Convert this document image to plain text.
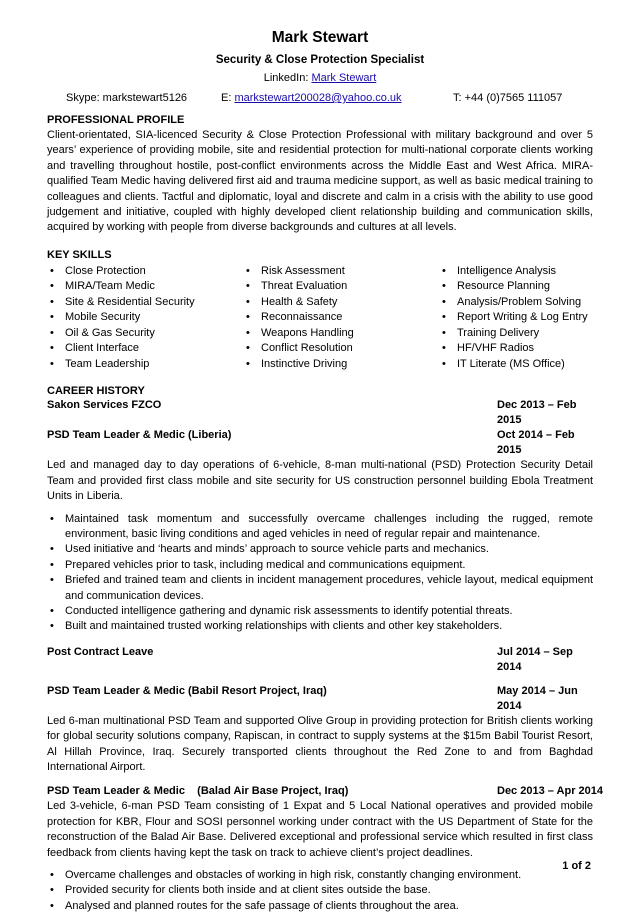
Mark Stewart
Security & Close Protection Specialist
LinkedIn: Mark Stewart
Skype: markstewart5126	E: markstewart200028@yahoo.co.uk	T: +44 (0)7565 111057
PROFESSIONAL PROFILE
Client-orientated, SIA-licenced Security & Close Protection Professional with military background and over 5 years’ experience of providing mobile, site and residential protection for multi-national corporate clients working and travelling throughout hostile, post-conflict environments across the Middle East and West Africa. MIRA-qualified Team Medic having delivered first aid and trauma medicine support, as well as basic medical training to colleagues and clients. Tactful and diplomatic, loyal and discrete and calm in a crisis with the ability to use good judgement and initiative, coupled with highly developed client relationship building and communication skills, acquired by working with people from diverse backgrounds and cultures at all levels.
KEY SKILLS
• Close Protection
• MIRA/Team Medic
• Site & Residential Security
• Mobile Security
• Oil & Gas Security
• Client Interface
• Team Leadership
• Risk Assessment
• Threat Evaluation
• Health & Safety
• Reconnaissance
• Weapons Handling
• Conflict Resolution
• Instinctive Driving
• Intelligence Analysis
• Resource Planning
• Analysis/Problem Solving
• Report Writing & Log Entry
• Training Delivery
• HF/VHF Radios
• IT Literate (MS Office)
CAREER HISTORY
Sakon Services FZCO	Dec 2013 – Feb 2015
PSD Team Leader & Medic (Liberia)	Oct 2014 – Feb 2015
Led and managed day to day operations of 6-vehicle, 8-man multi-national (PSD) Protection Security Detail Team and provided first class mobile and site security for US construction personnel building Ebola Treatment Units in Liberia.
• Maintained task momentum and successfully overcame challenges including the rugged, remote environment, basic living conditions and aged vehicles in need of regular repair and maintenance.
• Used initiative and ‘hearts and minds’ approach to source vehicle parts and mechanics.
• Prepared vehicles prior to task, including medical and communications equipment.
• Briefed and trained team and clients in incident management procedures, vehicle layout, medical equipment and communication devices.
• Conducted intelligence gathering and dynamic risk assessments to identify potential threats.
• Built and maintained trusted working relationships with clients and other key stakeholders.
Post Contract Leave	Jul 2014 – Sep 2014
PSD Team Leader & Medic (Babil Resort Project, Iraq)	May 2014 – Jun 2014
Led 6-man multinational PSD Team and supported Olive Group in providing protection for British clients working for global security solutions company, Rapiscan, in contract to supply systems at the $15m Babil Tourist Resort, Al Hillah Province, Iraq. Securely transported clients throughout the Red Zone to and from Baghdad International Airport.
PSD Team Leader & Medic    (Balad Air Base Project, Iraq)	Dec 2013 – Apr 2014
Led 3-vehicle, 6-man PSD Team consisting of 1 Expat and 5 Local National operatives and provided mobile protection for KBR, Flour and SOSI personnel working under contract with the US Department of State for the reconstruction of the Balad Air Base. Delivered exceptional and professional service which resulted in first class feedback from clients having kept the task on track to achieve client’s project deadlines.
• Overcame challenges and obstacles of working in high risk, constantly changing environment.
• Provided security for clients both inside and at client sites outside the base.
• Analysed and planned routes for the safe passage of clients throughout the area.
1 of 2
